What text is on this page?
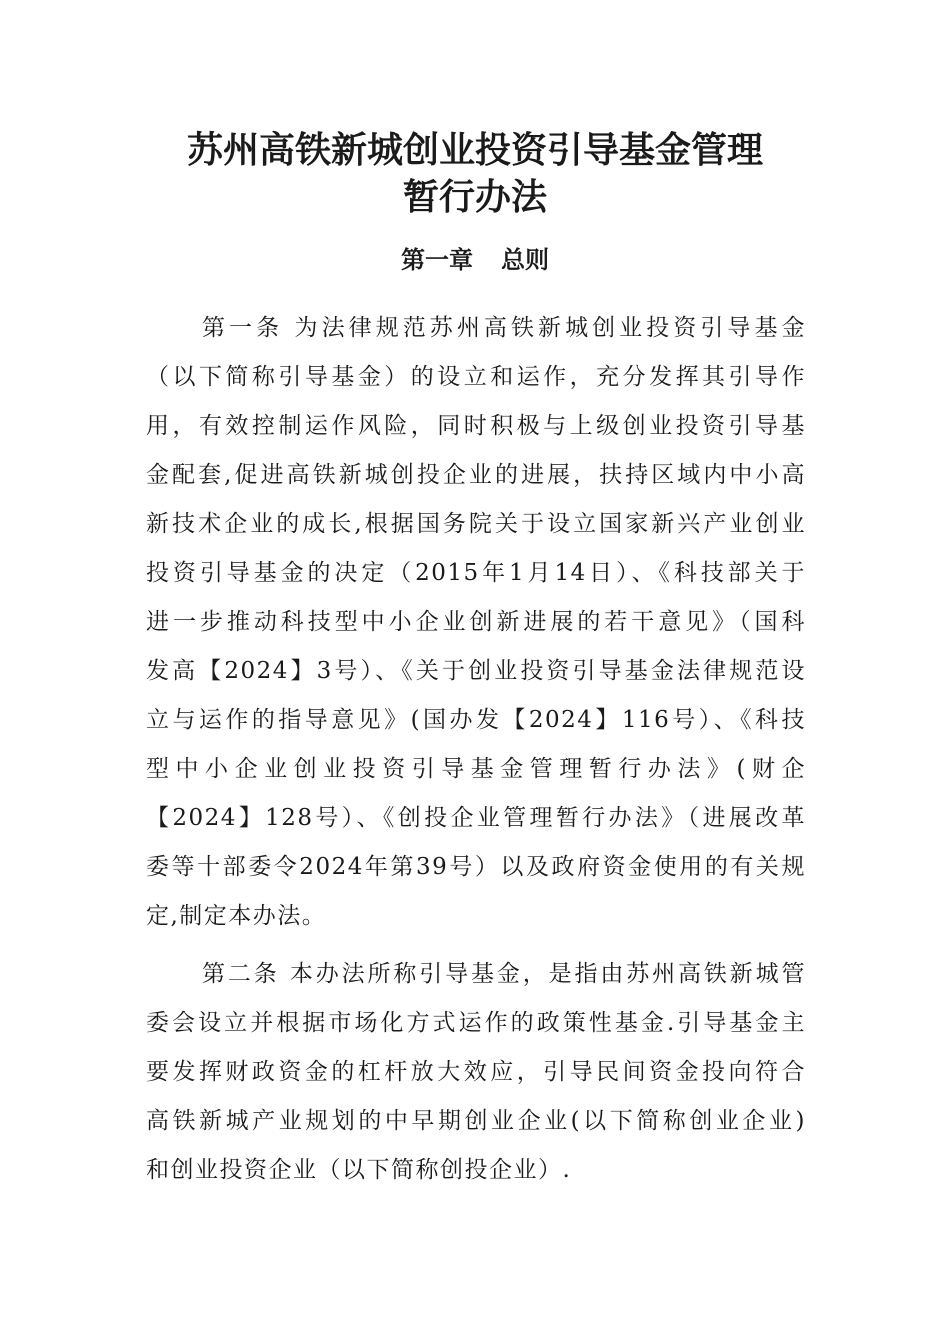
苏州高铁新城创业投资引导基金管理
暂行办法
第一章 总则
第一条 为法律规范苏州高铁新城创业投资引导基金
（以下简称引导基金）的设立和运作，充分发挥其引导作
用，有效控制运作风险，同时积极与上级创业投资引导基
金配套,促进高铁新城创投企业的进展，扶持区域内中小高
新技术企业的成长,根据国务院关于设立国家新兴产业创业
投资引导基金的决定（2015年1月14日）、《科技部关于
进一步推动科技型中小企业创新进展的若干意见》（国科
发高【2024】3号）、《关于创业投资引导基金法律规范设
立与运作的指导意见》(国办发【2024】116号）、《科技
型中小企业创业投资引导基金管理暂行办法》(财企
【2024】128号）、《创投企业管理暂行办法》（进展改革
委等十部委令2024年第39号）以及政府资金使用的有关规
定,制定本办法。
第二条 本办法所称引导基金，是指由苏州高铁新城管
委会设立并根据市场化方式运作的政策性基金.引导基金主
要发挥财政资金的杠杆放大效应，引导民间资金投向符合
高铁新城产业规划的中早期创业企业(以下简称创业企业)
和创业投资企业（以下简称创投企业）.
